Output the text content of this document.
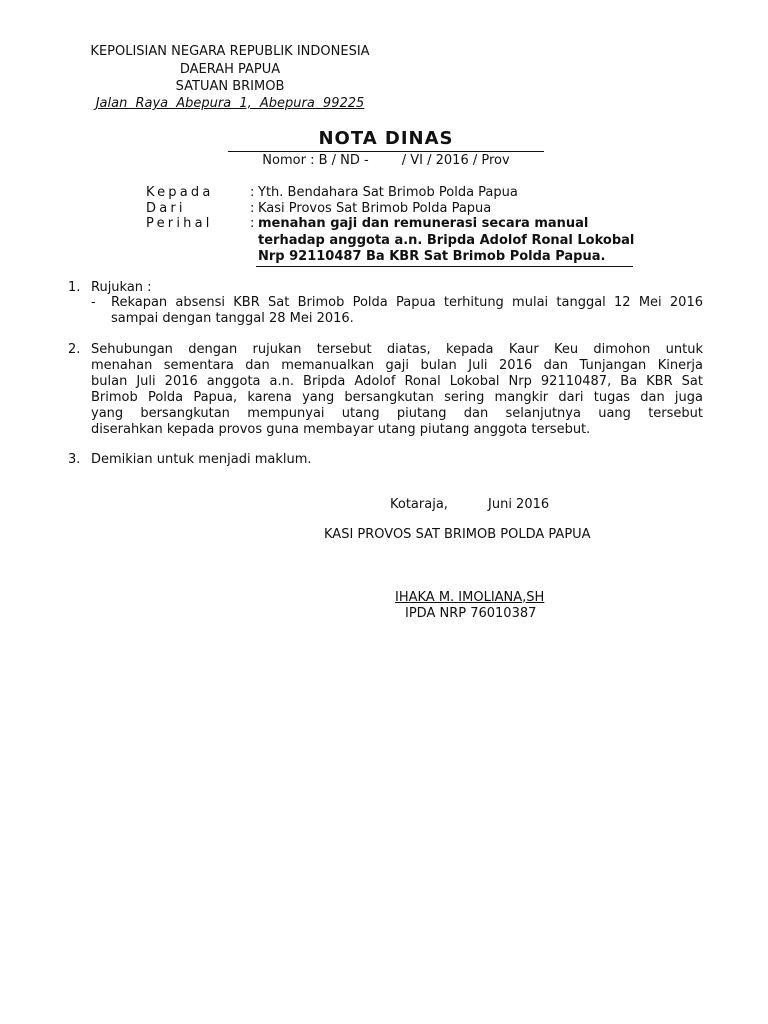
KEPOLISIAN NEGARA REPUBLIK INDONESIA
DAERAH PAPUA
SATUAN BRIMOB
Jalan Raya Abepura 1, Abepura 99225
NOTA DINAS
Nomor : B / ND -        / VI / 2016 / Prov
Kepada	: Yth. Bendahara Sat Brimob Polda Papua
Dari	: Kasi Provos Sat Brimob Polda Papua
Perihal	: menahan gaji dan remunerasi secara manual
terhadap anggota a.n. Bripda Adolof Ronal Lokobal
Nrp 92110487 Ba KBR Sat Brimob Polda Papua.
1. Rujukan :
- Rekapan absensi KBR Sat Brimob Polda Papua terhitung mulai tanggal 12 Mei 2016 sampai dengan tanggal 28 Mei 2016.
2. Sehubungan dengan rujukan tersebut diatas, kepada Kaur Keu dimohon untuk
menahan sementara dan memanualkan gaji bulan Juli 2016 dan Tunjangan Kinerja
bulan Juli 2016 anggota a.n. Bripda Adolof Ronal Lokobal Nrp 92110487, Ba KBR Sat
Brimob Polda Papua, karena yang bersangkutan sering mangkir dari tugas dan juga
yang bersangkutan mempunyai utang piutang dan selanjutnya uang tersebut
diserahkan kepada provos guna membayar utang piutang anggota tersebut.
3. Demikian untuk menjadi maklum.
Kotaraja,	Juni 2016
KASI PROVOS SAT BRIMOB POLDA PAPUA
IHAKA M. IMOLIANA,SH
IPDA NRP 76010387
